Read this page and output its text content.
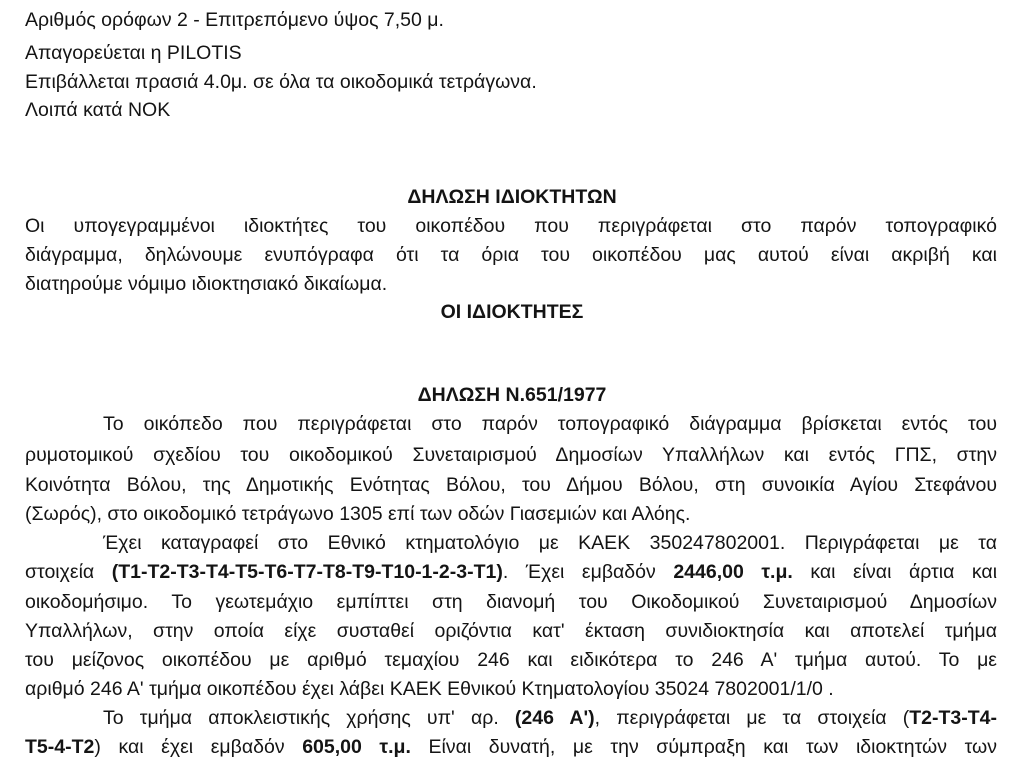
Αριθμός ορόφων 2 - Επιτρεπόμενο ύψος 7,50 μ.
Απαγορεύεται η PILOTIS
Επιβάλλεται πρασιά 4.0μ. σε όλα τα οικοδομικά τετράγωνα.
Λοιπά κατά ΝΟΚ
ΔΗΛΩΣΗ ΙΔΙΟΚΤΗΤΩΝ
Οι υπογεγραμμένοι ιδιοκτήτες του οικοπέδου που περιγράφεται στο παρόν τοπογραφικό
διάγραμμα, δηλώνουμε ενυπόγραφα ότι τα όρια του οικοπέδου μας αυτού είναι ακριβή και
διατηρούμε νόμιμο ιδιοκτησιακό δικαίωμα.
ΟΙ ΙΔΙΟΚΤΗΤΕΣ
ΔΗΛΩΣΗ Ν.651/1977
Το οικόπεδο που περιγράφεται στο παρόν τοπογραφικό διάγραμμα βρίσκεται εντός του
ρυμοτομικού σχεδίου του οικοδομικού Συνεταιρισμού Δημοσίων Υπαλλήλων και εντός ΓΠΣ, στην
Κοινότητα Βόλου, της Δημοτικής Ενότητας Βόλου, του Δήμου Βόλου, στη συνοικία Αγίου Στεφάνου
(Σωρός), στο οικοδομικό τετράγωνο 1305 επί των οδών Γιασεμιών και Αλόης.
Έχει καταγραφεί στο Εθνικό κτηματολόγιο με ΚΑΕΚ 350247802001. Περιγράφεται με τα
στοιχεία (Τ1-Τ2-Τ3-Τ4-Τ5-Τ6-Τ7-Τ8-Τ9-Τ10-1-2-3-Τ1). Έχει εμβαδόν 2446,00 τ.μ. και είναι άρτια και
οικοδομήσιμο. Το γεωτεμάχιο εμπίπτει στη διανομή του Οικοδομικού Συνεταιρισμού Δημοσίων
Υπαλλήλων, στην οποία είχε συσταθεί οριζόντια κατ' έκταση συνιδιοκτησία και αποτελεί τμήμα
του μείζονος οικοπέδου με αριθμό τεμαχίου 246 και ειδικότερα το 246 Α' τμήμα αυτού. Το με
αριθμό 246 Α' τμήμα οικοπέδου έχει λάβει ΚΑΕΚ Εθνικού Κτηματολογίου 35024 7802001/1/0 .
Το τμήμα αποκλειστικής χρήσης υπ' αρ. (246 Α'), περιγράφεται με τα στοιχεία (Τ2-Τ3-Τ4-
Τ5-4-Τ2) και έχει εμβαδόν 605,00 τ.μ. Είναι δυνατή, με την σύμπραξη και των ιδιοκτητών των
